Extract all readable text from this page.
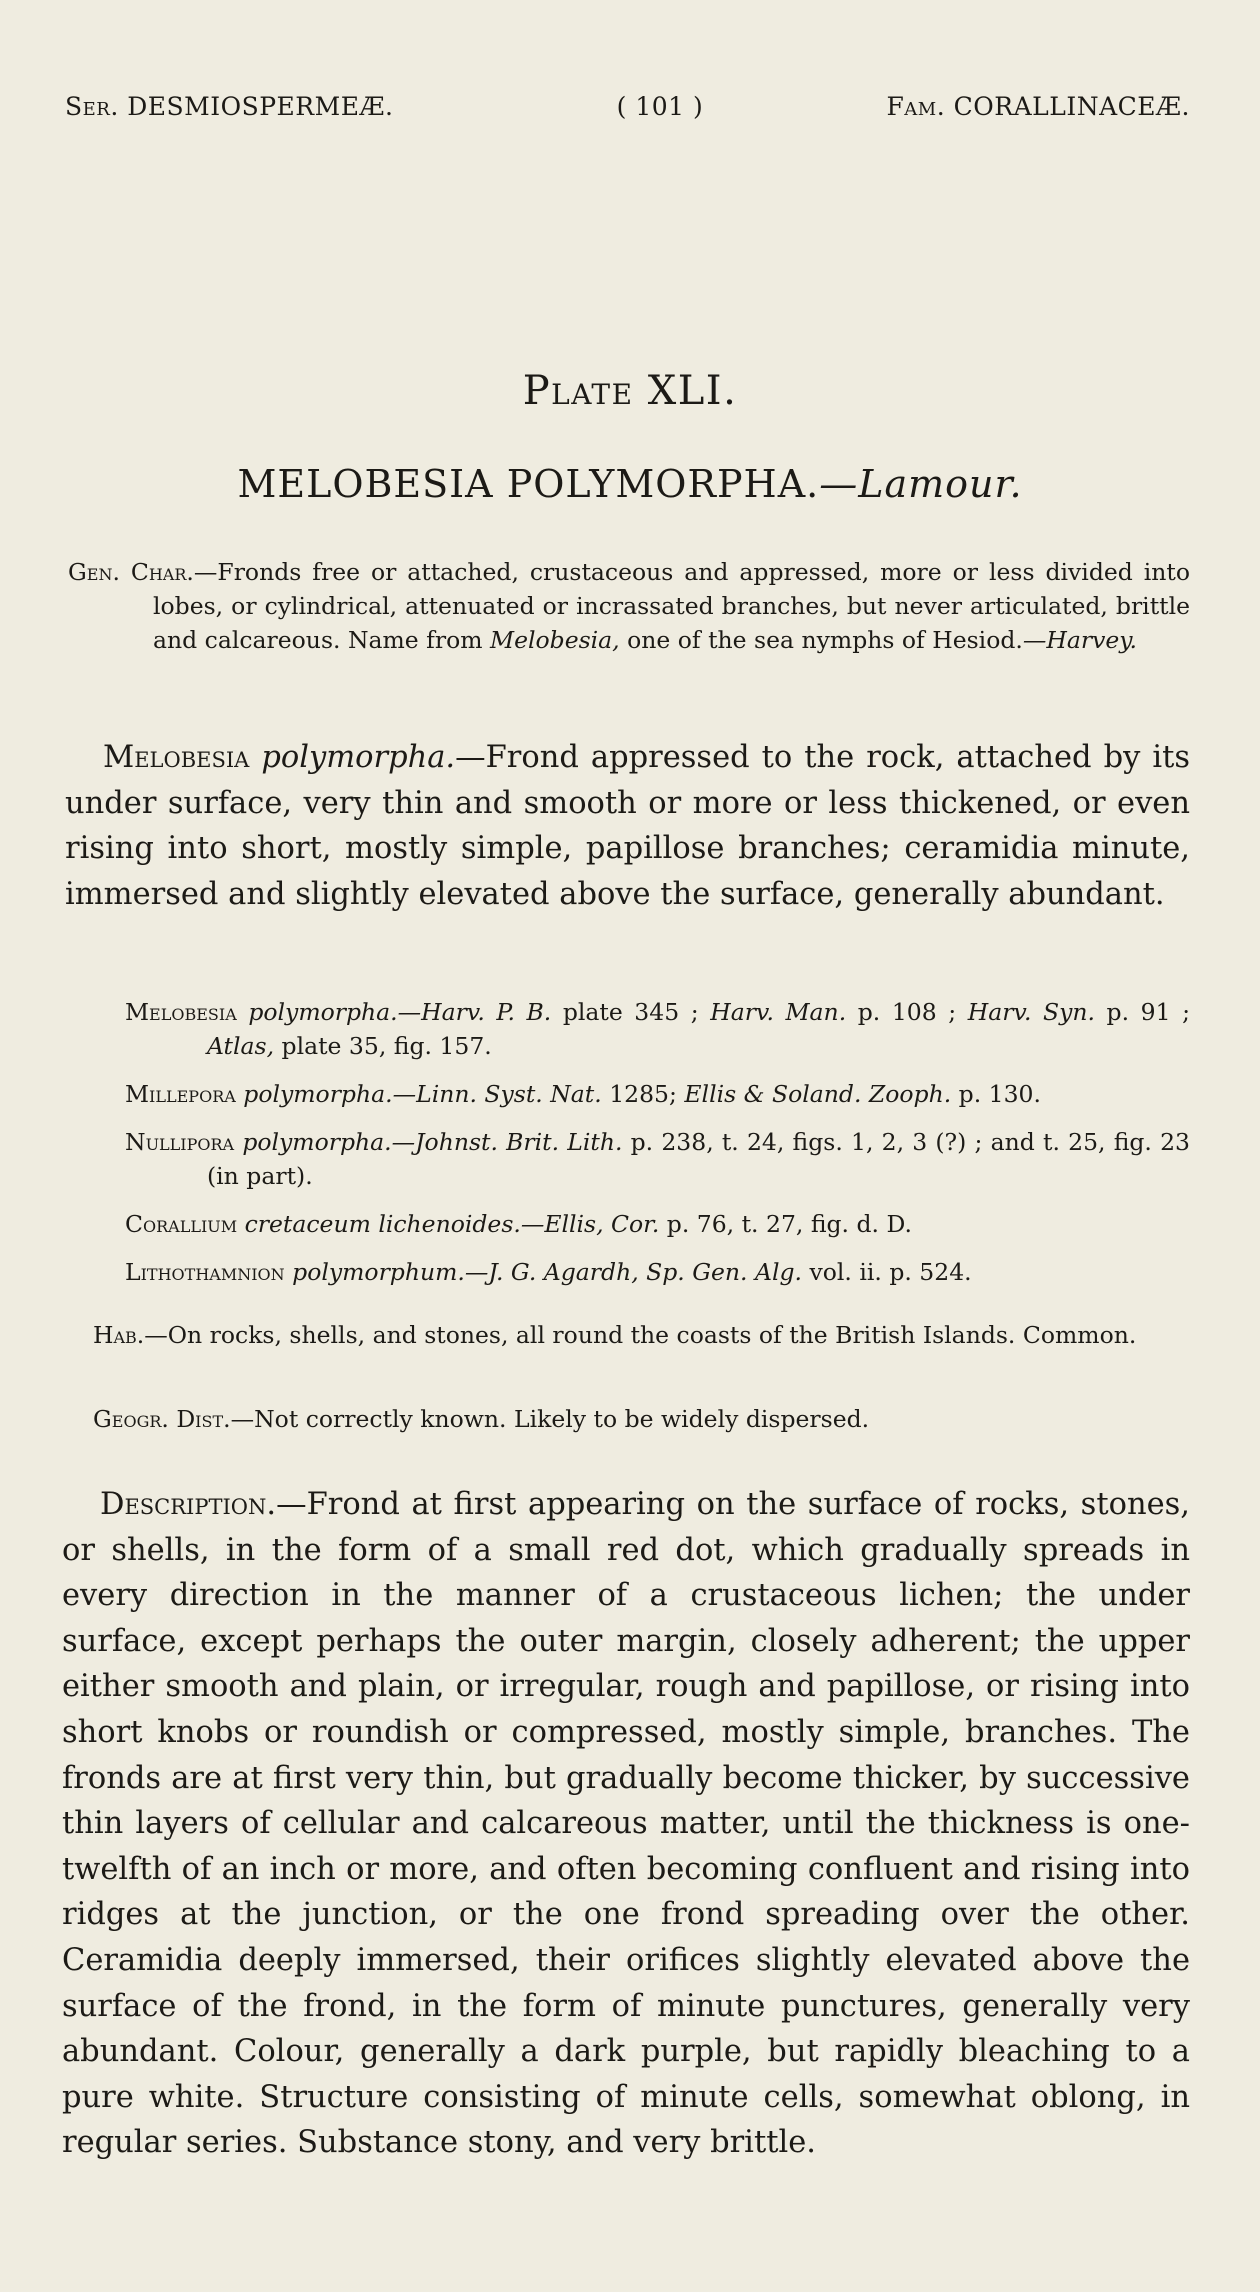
Ser. DESMIOSPERMEÆ.	( 101 )	Fam. CORALLINACEÆ.
Plate XLI.
MELOBESIA POLYMORPHA.—Lamour.
Gen. Char.—Fronds free or attached, crustaceous and appressed, more or less divided into lobes, or cylindrical, attenuated or incrassated branches, but never articulated, brittle and calcareous. Name from Melobesia, one of the sea nymphs of Hesiod.—Harvey.
Melobesia polymorpha.—Frond appressed to the rock, attached by its under surface, very thin and smooth or more or less thickened, or even rising into short, mostly simple, papillose branches; ceramidia minute, immersed and slightly elevated above the surface, generally abundant.
Melobesia polymorpha.—Harv. P. B. plate 345 ; Harv. Man. p. 108 ; Harv. Syn. p. 91 ; Atlas, plate 35, fig. 157.
Millepora polymorpha.—Linn. Syst. Nat. 1285; Ellis & Soland. Zooph. p. 130.
Nullipora polymorpha.—Johnst. Brit. Lith. p. 238, t. 24, figs. 1, 2, 3 (?) ; and t. 25, fig. 23 (in part).
Corallium cretaceum lichenoides.—Ellis, Cor. p. 76, t. 27, fig. d. D.
Lithothamnion polymorphum.—J. G. Agardh, Sp. Gen. Alg. vol. ii. p. 524.
Hab.—On rocks, shells, and stones, all round the coasts of the British Islands. Common.
Geogr. Dist.—Not correctly known. Likely to be widely dispersed.
Description.—Frond at first appearing on the surface of rocks, stones, or shells, in the form of a small red dot, which gradually spreads in every direction in the manner of a crustaceous lichen; the under surface, except perhaps the outer margin, closely adherent; the upper either smooth and plain, or irregular, rough and papillose, or rising into short knobs or roundish or compressed, mostly simple, branches. The fronds are at first very thin, but gradually become thicker, by successive thin layers of cellular and calcareous matter, until the thickness is one-twelfth of an inch or more, and often becoming confluent and rising into ridges at the junction, or the one frond spreading over the other. Ceramidia deeply immersed, their orifices slightly elevated above the surface of the frond, in the form of minute punctures, generally very abundant. Colour, generally a dark purple, but rapidly bleaching to a pure white. Structure consisting of minute cells, somewhat oblong, in regular series. Substance stony, and very brittle.
